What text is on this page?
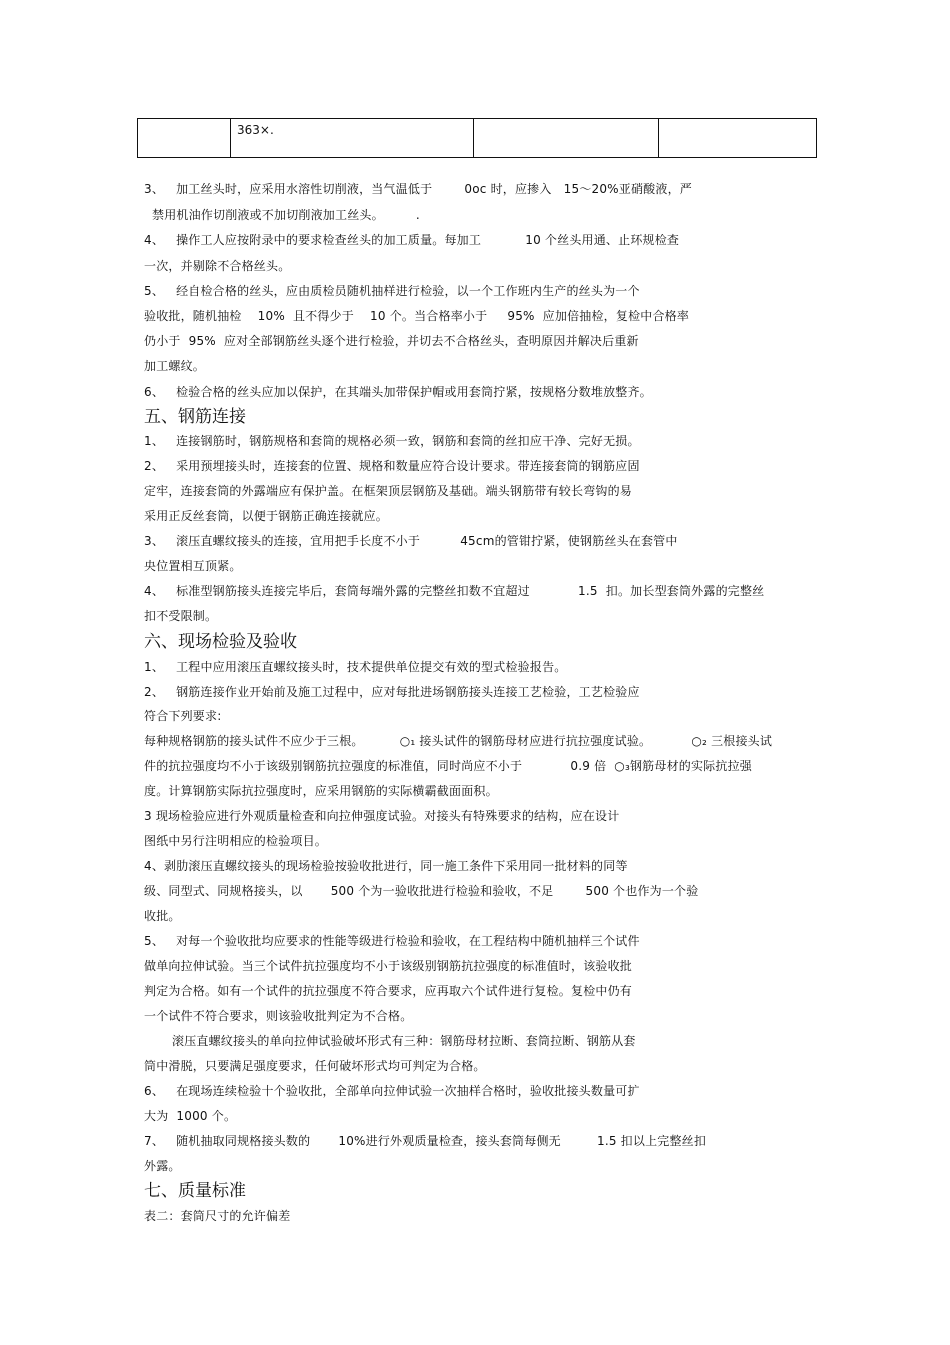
	363×.		
3、   加工丝头时，应采用水溶性切削液，当气温低于        0oc 时，应掺入   15～20%亚硝酸液，严
禁用机油作切削液或不加切削液加工丝头。        .
4、   操作工人应按附录中的要求检查丝头的加工质量。每加工           10 个丝头用通、止环规检查
一次，并剔除不合格丝头。
5、   经自检合格的丝头，应由质检员随机抽样进行检验，以一个工作班内生产的丝头为一个
验收批，随机抽检    10%  且不得少于    10 个。当合格率小于     95%  应加倍抽检，复检中合格率
仍小于  95%  应对全部钢筋丝头逐个进行检验，并切去不合格丝头，查明原因并解决后重新
加工螺纹。
6、   检验合格的丝头应加以保护，在其端头加带保护帽或用套筒拧紧，按规格分数堆放整齐。
1、   连接钢筋时，钢筋规格和套筒的规格必须一致，钢筋和套筒的丝扣应干净、完好无损。
2、   采用预埋接头时，连接套的位置、规格和数量应符合设计要求。带连接套筒的钢筋应固
定牢，连接套筒的外露端应有保护盖。在框架顶层钢筋及基础。端头钢筋带有较长弯钩的易
采用正反丝套筒，以便于钢筋正确连接就应。
3、   滚压直螺纹接头的连接，宜用把手长度不小于          45cm的管钳拧紧，使钢筋丝头在套管中
央位置相互顶紧。
4、   标准型钢筋接头连接完毕后，套筒每端外露的完整丝扣数不宜超过            1.5  扣。加长型套筒外露的完整丝
扣不受限制。
1、   工程中应用滚压直螺纹接头时，技术提供单位提交有效的型式检验报告。
2、   钢筋连接作业开始前及施工过程中，应对每批进场钢筋接头连接工艺检验，工艺检验应
符合下列要求:
每种规格钢筋的接头试件不应少于三根。         ○₁ 接头试件的钢筋母材应进行抗拉强度试验。          ○₂ 三根接头试
件的抗拉强度均不小于该级别钢筋抗拉强度的标准值，同时尚应不小于            0.9 倍  ○₃钢筋母材的实际抗拉强
度。计算钢筋实际抗拉强度时，应采用钢筋的实际横霸截面面积。
3 现场检验应进行外观质量检查和向拉伸强度试验。对接头有特殊要求的结构，应在设计
图纸中另行注明相应的检验项目。
4、剥肋滚压直螺纹接头的现场检验按验收批进行，同一施工条件下采用同一批材料的同等
级、同型式、同规格接头，以       500 个为一验收批进行检验和验收，不足        500 个也作为一个验
收批。
5、   对每一个验收批均应要求的性能等级进行检验和验收，在工程结构中随机抽样三个试件
做单向拉伸试验。当三个试件抗拉强度均不小于该级别钢筋抗拉强度的标准值时，该验收批
判定为合格。如有一个试件的抗拉强度不符合要求，应再取六个试件进行复检。复检中仍有
一个试件不符合要求，则该验收批判定为不合格。
滚压直螺纹接头的单向拉伸试验破坏形式有三种：钢筋母材拉断、套筒拉断、钢筋从套
筒中滑脱，只要满足强度要求，任何破坏形式均可判定为合格。
6、   在现场连续检验十个验收批，全部单向拉伸试验一次抽样合格时，验收批接头数量可扩
大为  1000 个。
7、   随机抽取同规格接头数的       10%进行外观质量检查，接头套筒每侧无         1.5 扣以上完整丝扣
外露。
表二：套筒尺寸的允许偏差
五、钢筋连接
六、现场检验及验收
七、质量标准
